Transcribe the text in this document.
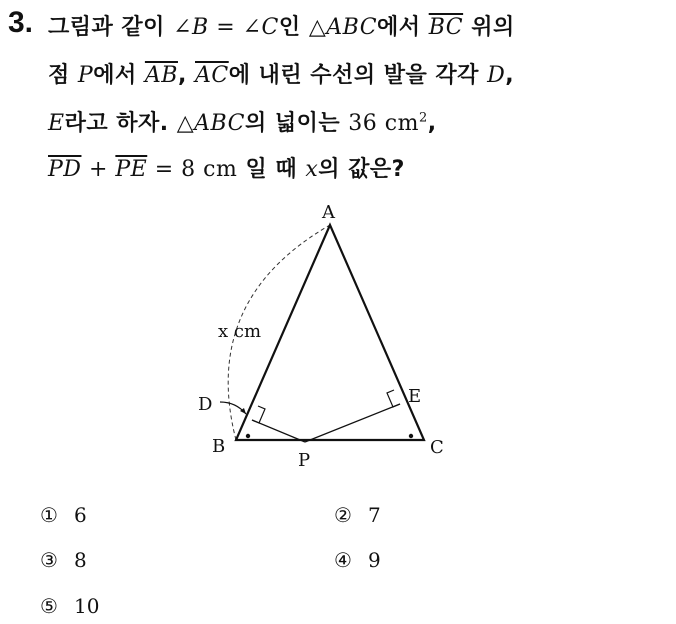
3. 그림과 같이 ∠B = ∠C인 △ABC에서 $\overline{BC}$ 위의
점 P에서 $\overline{AB}$, $\overline{AC}$에 내린 수선의 발을 각각 D,
E라고 하자. △ABC의 넓이는 36 $cm^2$,
$\overline{PD} + \overline{PE} = 8$ cm 일 때 x의 값은?
A
B	C
D	E
P
x cm
① 6	② 7
③ 8	④ 9
⑤ 10
